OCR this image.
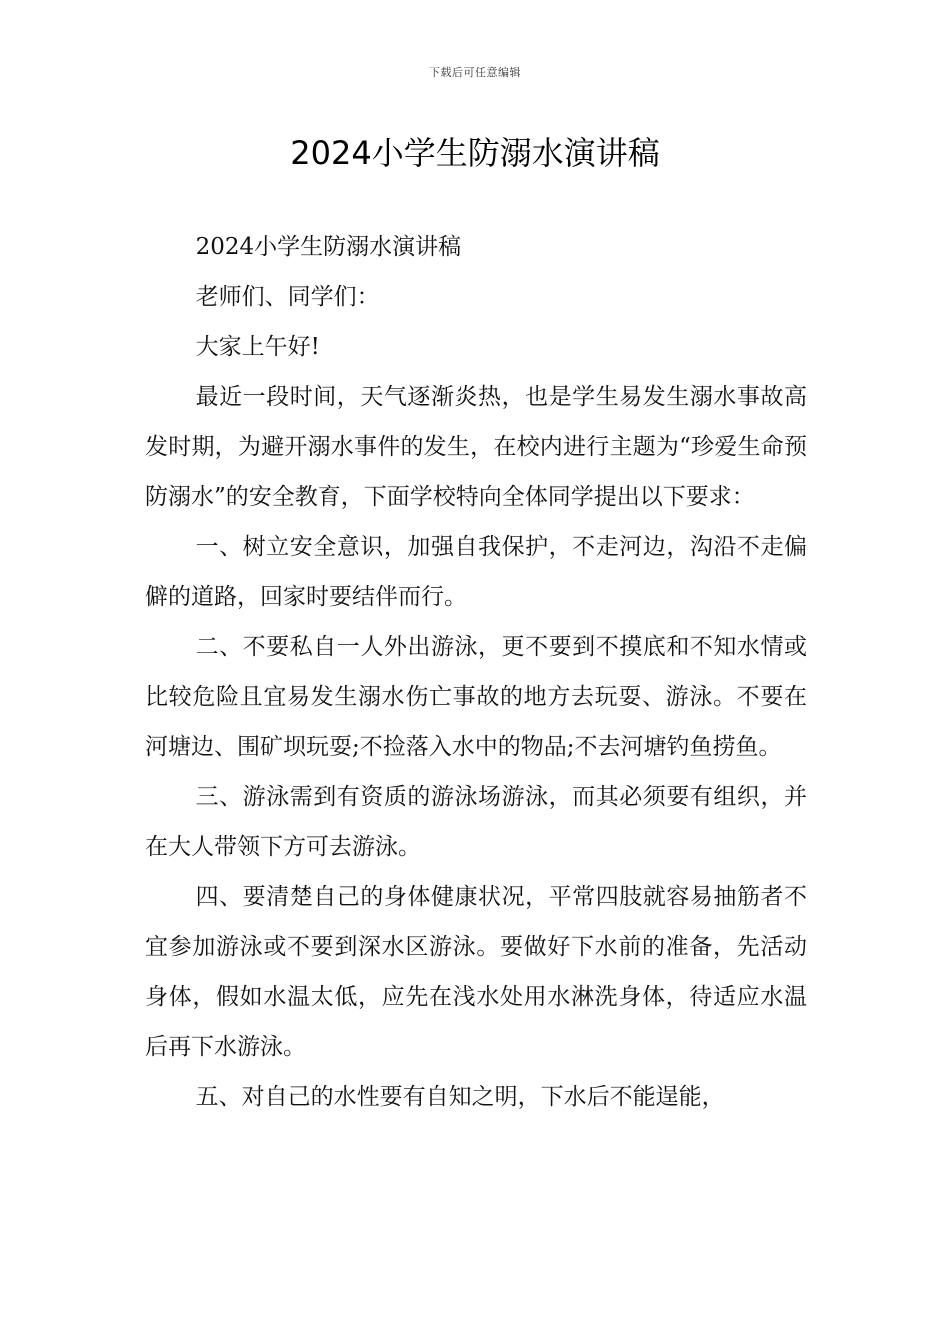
下载后可任意编辑
2024小学生防溺水演讲稿

2024小学生防溺水演讲稿

老师们、同学们：

大家上午好!

最近一段时间，天气逐渐炎热，也是学生易发生溺水事故高发时期，为避开溺水事件的发生，在校内进行主题为“珍爱生命预防溺水”的安全教育，下面学校特向全体同学提出以下要求：

一、树立安全意识，加强自我保护，不走河边，沟沿不走偏僻的道路，回家时要结伴而行。

二、不要私自一人外出游泳，更不要到不摸底和不知水情或比较危险且宜易发生溺水伤亡事故的地方去玩耍、游泳。不要在河塘边、围矿坝玩耍;不捡落入水中的物品;不去河塘钓鱼捞鱼。

三、游泳需到有资质的游泳场游泳，而其必须要有组织，并在大人带领下方可去游泳。

四、要清楚自己的身体健康状况，平常四肢就容易抽筋者不宜参加游泳或不要到深水区游泳。要做好下水前的准备，先活动身体，假如水温太低，应先在浅水处用水淋洗身体，待适应水温后再下水游泳。

五、对自己的水性要有自知之明，下水后不能逞能，
